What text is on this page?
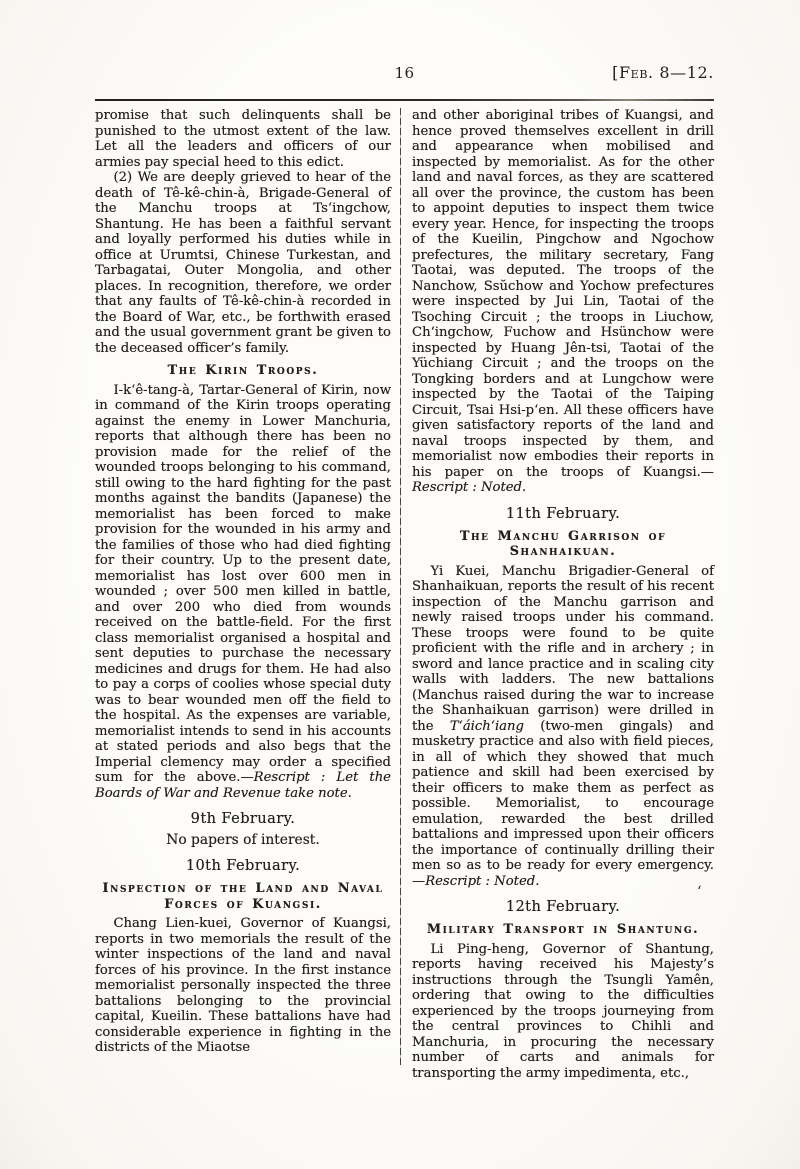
16	[Feb. 8—12.

promise that such delinquents shall be punished to the utmost extent of the law. Let all the leaders and officers of our armies pay special heed to this edict.

(2) We are deeply grieved to hear of the death of Tê-kê-chin-à, Brigade-General of the Manchu troops at Ts‘ingchow, Shantung. He has been a faithful servant and loyally performed his duties while in office at Urumtsi, Chinese Turkestan, and Tarbagatai, Outer Mongolia, and other places. In recognition, therefore, we order that any faults of Tê-kê-chin-à recorded in the Board of War, etc., be forthwith erased and the usual government grant be given to the deceased officer’s family.

The Kirin Troops.

I-k‘ê-tang-à, Tartar-General of Kirin, now in command of the Kirin troops operating against the enemy in Lower Manchuria, reports that although there has been no provision made for the relief of the wounded troops belonging to his command, still owing to the hard fighting for the past months against the bandits (Japanese) the memorialist has been forced to make provision for the wounded in his army and the families of those who had died fighting for their country. Up to the present date, memorialist has lost over 600 men in wounded ; over 500 men killed in battle, and over 200 who died from wounds received on the battle-field. For the first class memorialist organised a hospital and sent deputies to purchase the necessary medicines and drugs for them. He had also to pay a corps of coolies whose special duty was to bear wounded men off the field to the hospital. As the expenses are variable, memorialist intends to send in his accounts at stated periods and also begs that the Imperial clemency may order a specified sum for the above.—Rescript : Let the Boards of War and Revenue take note.

9th February.

No papers of interest.

10th February.

Inspection of the Land and Naval Forces of Kuangsi.

Chang Lien-kuei, Governor of Kuangsi, reports in two memorials the result of the winter inspections of the land and naval forces of his province. In the first instance memorialist personally inspected the three battalions belonging to the provincial capital, Kueilin. These battalions have had considerable experience in fighting in the districts of the Miaotse

and other aboriginal tribes of Kuangsi, and hence proved themselves excellent in drill and appearance when mobilised and inspected by memorialist. As for the other land and naval forces, as they are scattered all over the province, the custom has been to appoint deputies to inspect them twice every year. Hence, for inspecting the troops of the Kueilin, Pingchow and Ngochow prefectures, the military secretary, Fang Taotai, was deputed. The troops of the Nanchow, Ssŭchow and Yochow prefectures were inspected by Jui Lin, Taotai of the Tsoching Circuit ; the troops in Liuchow, Ch‘ingchow, Fuchow and Hsünchow were inspected by Huang Jên-tsi, Taotai of the Yüchiang Circuit ; and the troops on the Tongking borders and at Lungchow were inspected by the Taotai of the Taiping Circuit, Tsai Hsi-p‘en. All these officers have given satisfactory reports of the land and naval troops inspected by them, and memorialist now embodies their reports in his paper on the troops of Kuangsi.—Rescript : Noted.

11th February.

The Manchu Garrison of Shanhaikuan.

Yi Kuei, Manchu Brigadier-General of Shanhaikuan, reports the result of his recent inspection of the Manchu garrison and newly raised troops under his command. These troops were found to be quite proficient with the rifle and in archery ; in sword and lance practice and in scaling city walls with ladders. The new battalions (Manchus raised during the war to increase the Shanhaikuan garrison) were drilled in the T‘áich‘iang (two-men gingals) and musketry practice and also with field pieces, in all of which they showed that much patience and skill had been exercised by their officers to make them as perfect as possible. Memorialist, to encourage emulation, rewarded the best drilled battalions and impressed upon their officers the importance of continually drilling their men so as to be ready for every emergency.—Rescript : Noted.

12th February.

Military Transport in Shantung.

Li Ping-heng, Governor of Shantung, reports having received his Majesty’s instructions through the Tsungli Yamên, ordering that owing to the difficulties experienced by the troops journeying from the central provinces to Chihli and Manchuria, in procuring the necessary number of carts and animals for transporting the army impedimenta, etc.,

‘
